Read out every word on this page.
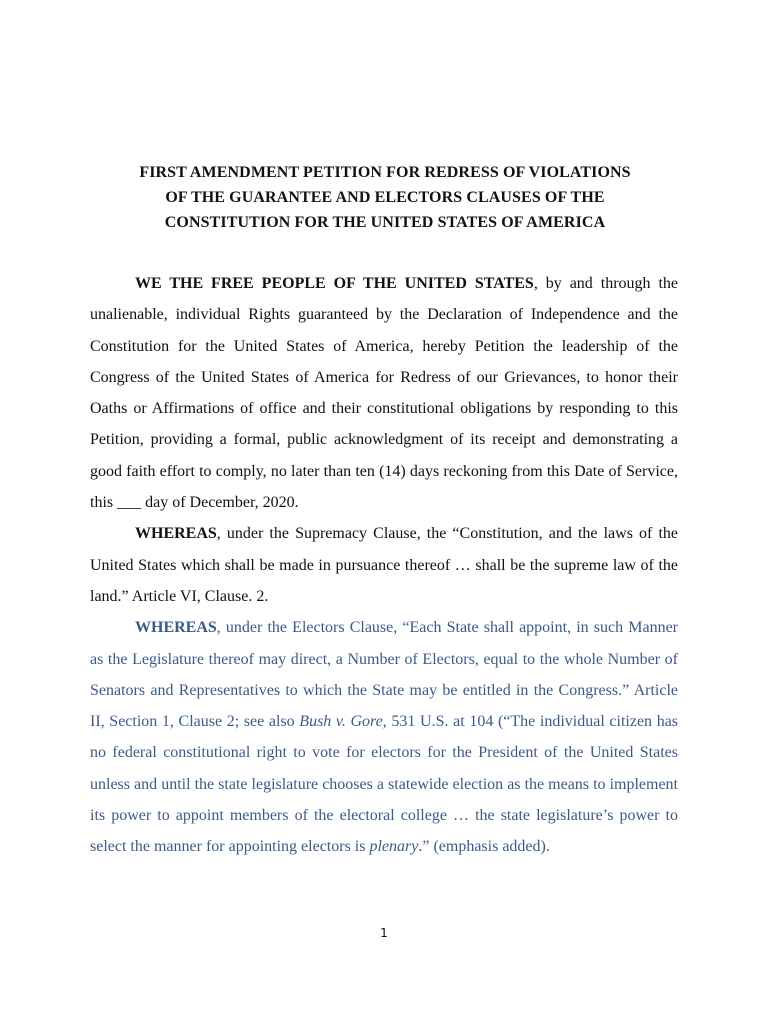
FIRST AMENDMENT PETITION FOR REDRESS OF VIOLATIONS
OF THE GUARANTEE AND ELECTORS CLAUSES OF THE
CONSTITUTION FOR THE UNITED STATES OF AMERICA

WE THE FREE PEOPLE OF THE UNITED STATES, by and through the unalienable, individual Rights guaranteed by the Declaration of Independence and the Constitution for the United States of America, hereby Petition the leadership of the Congress of the United States of America for Redress of our Grievances, to honor their Oaths or Affirmations of office and their constitutional obligations by responding to this Petition, providing a formal, public acknowledgment of its receipt and demonstrating a good faith effort to comply, no later than ten (14) days reckoning from this Date of Service, this ___ day of December, 2020.

WHEREAS, under the Supremacy Clause, the “Constitution, and the laws of the United States which shall be made in pursuance thereof … shall be the supreme law of the land.” Article VI, Clause. 2.

WHEREAS, under the Electors Clause, “Each State shall appoint, in such Manner as the Legislature thereof may direct, a Number of Electors, equal to the whole Number of Senators and Representatives to which the State may be entitled in the Congress.” Article II, Section 1, Clause 2; see also Bush v. Gore, 531 U.S. at 104 (“The individual citizen has no federal constitutional right to vote for electors for the President of the United States unless and until the state legislature chooses a statewide election as the means to implement its power to appoint members of the electoral college … the state legislature’s power to select the manner for appointing electors is plenary.” (emphasis added).

1
